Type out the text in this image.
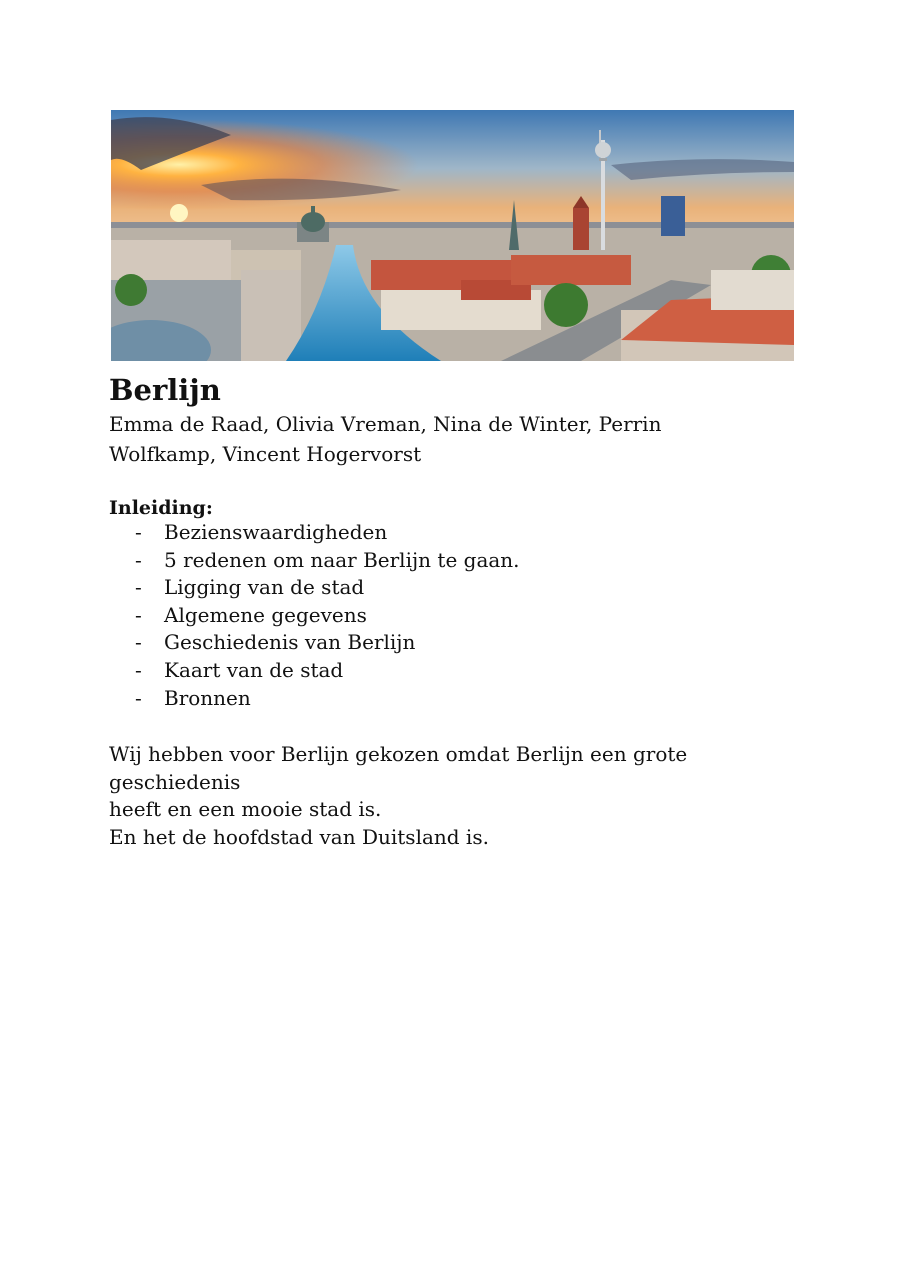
Berlijn

Emma de Raad, Olivia Vreman, Nina de Winter, Perrin Wolfkamp, Vincent Hogervorst

Inleiding:
- Bezienswaardigheden
- 5 redenen om naar Berlijn te gaan.
- Ligging van de stad
- Algemene gegevens
- Geschiedenis van Berlijn
- Kaart van de stad
- Bronnen

Wij hebben voor Berlijn gekozen omdat Berlijn een grote geschiedenis
heeft en een mooie stad is.
En het de hoofdstad van Duitsland is.
